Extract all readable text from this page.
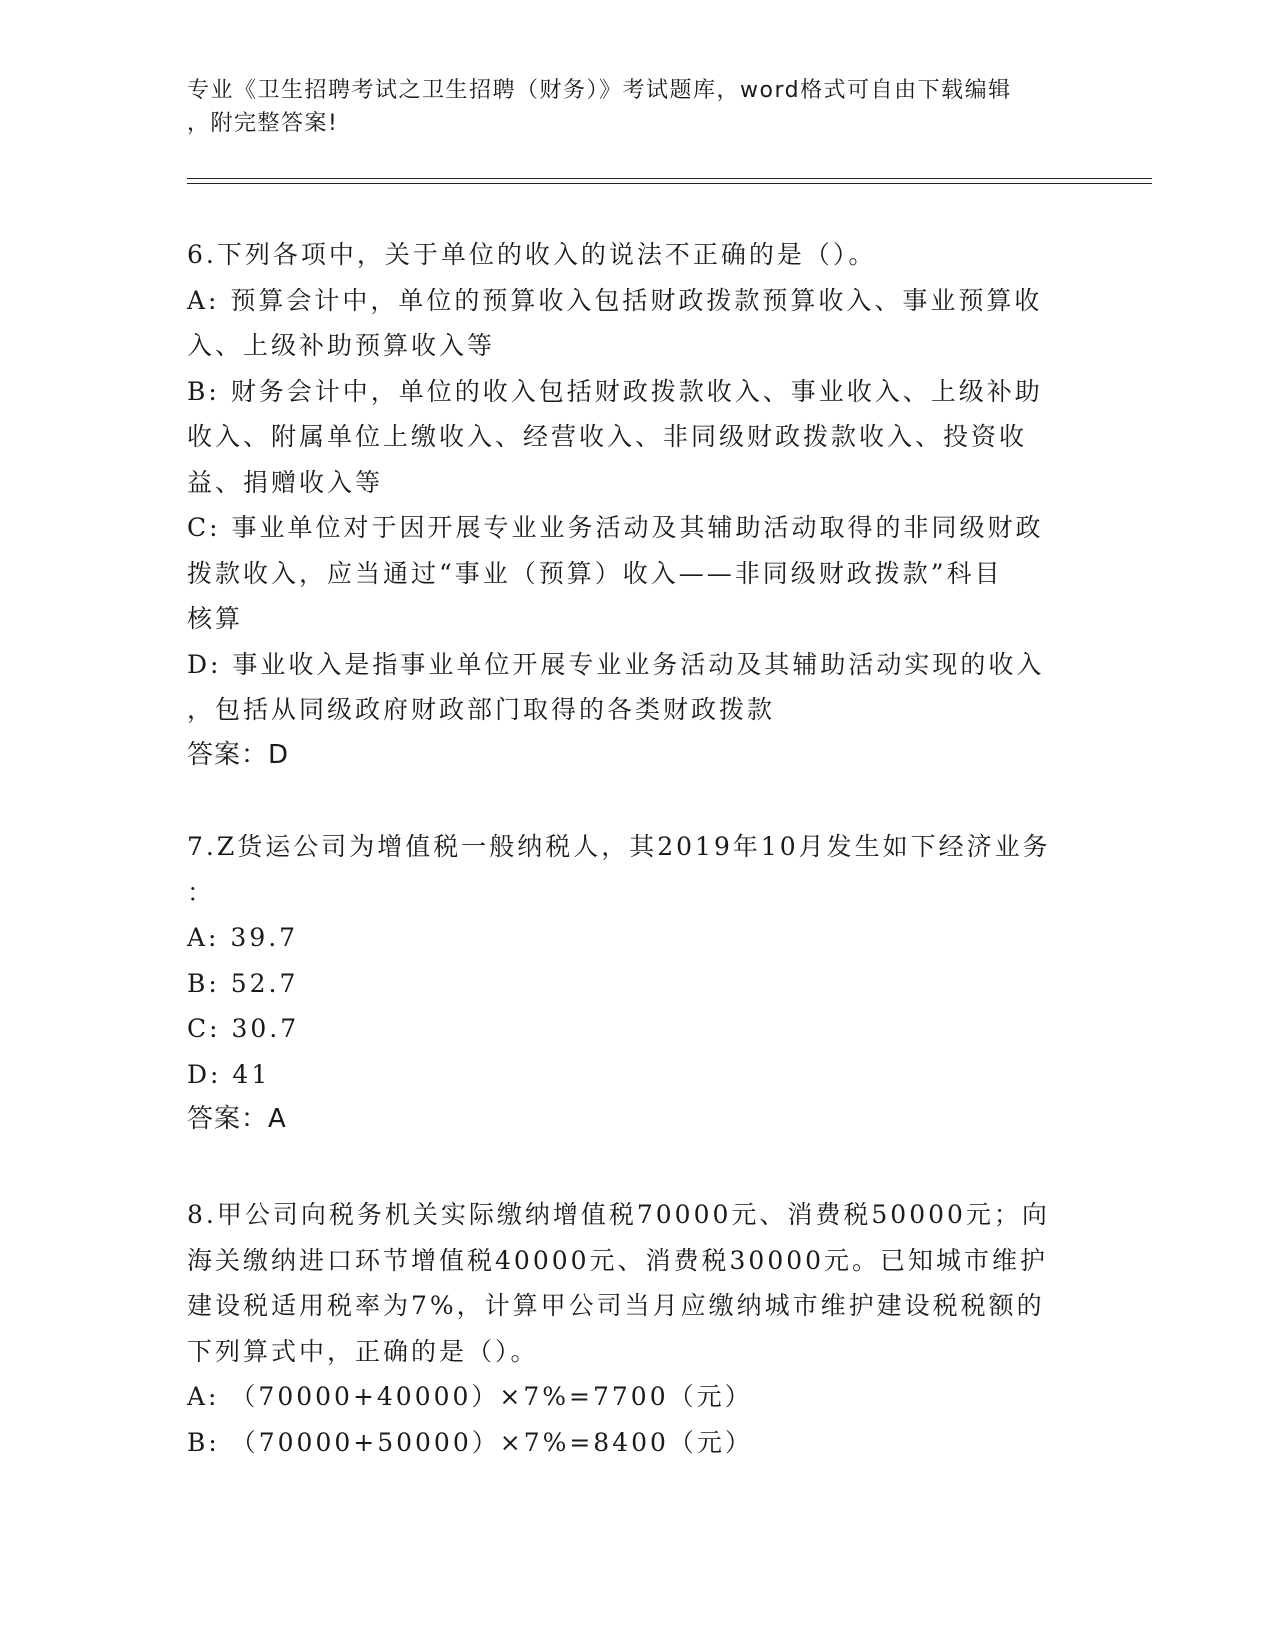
专业《卫生招聘考试之卫生招聘（财务）》考试题库，word格式可自由下载编辑
，附完整答案!
6.下列各项中，关于单位的收入的说法不正确的是（）。
A: 预算会计中，单位的预算收入包括财政拨款预算收入、事业预算收
入、上级补助预算收入等
B: 财务会计中，单位的收入包括财政拨款收入、事业收入、上级补助
收入、附属单位上缴收入、经营收入、非同级财政拨款收入、投资收
益、捐赠收入等
C: 事业单位对于因开展专业业务活动及其辅助活动取得的非同级财政
拨款收入，应当通过“事业（预算）收入——非同级财政拨款”科目
核算
D: 事业收入是指事业单位开展专业业务活动及其辅助活动实现的收入
，包括从同级政府财政部门取得的各类财政拨款
答案：D
7.Z货运公司为增值税一般纳税人，其2019年10月发生如下经济业务
：
A: 39.7
B: 52.7
C: 30.7
D: 41
答案：A
8.甲公司向税务机关实际缴纳增值税70000元、消费税50000元；向
海关缴纳进口环节增值税40000元、消费税30000元。已知城市维护
建设税适用税率为7%，计算甲公司当月应缴纳城市维护建设税税额的
下列算式中，正确的是（）。
A: （70000+40000）×7%=7700（元）
B: （70000+50000）×7%=8400（元）
